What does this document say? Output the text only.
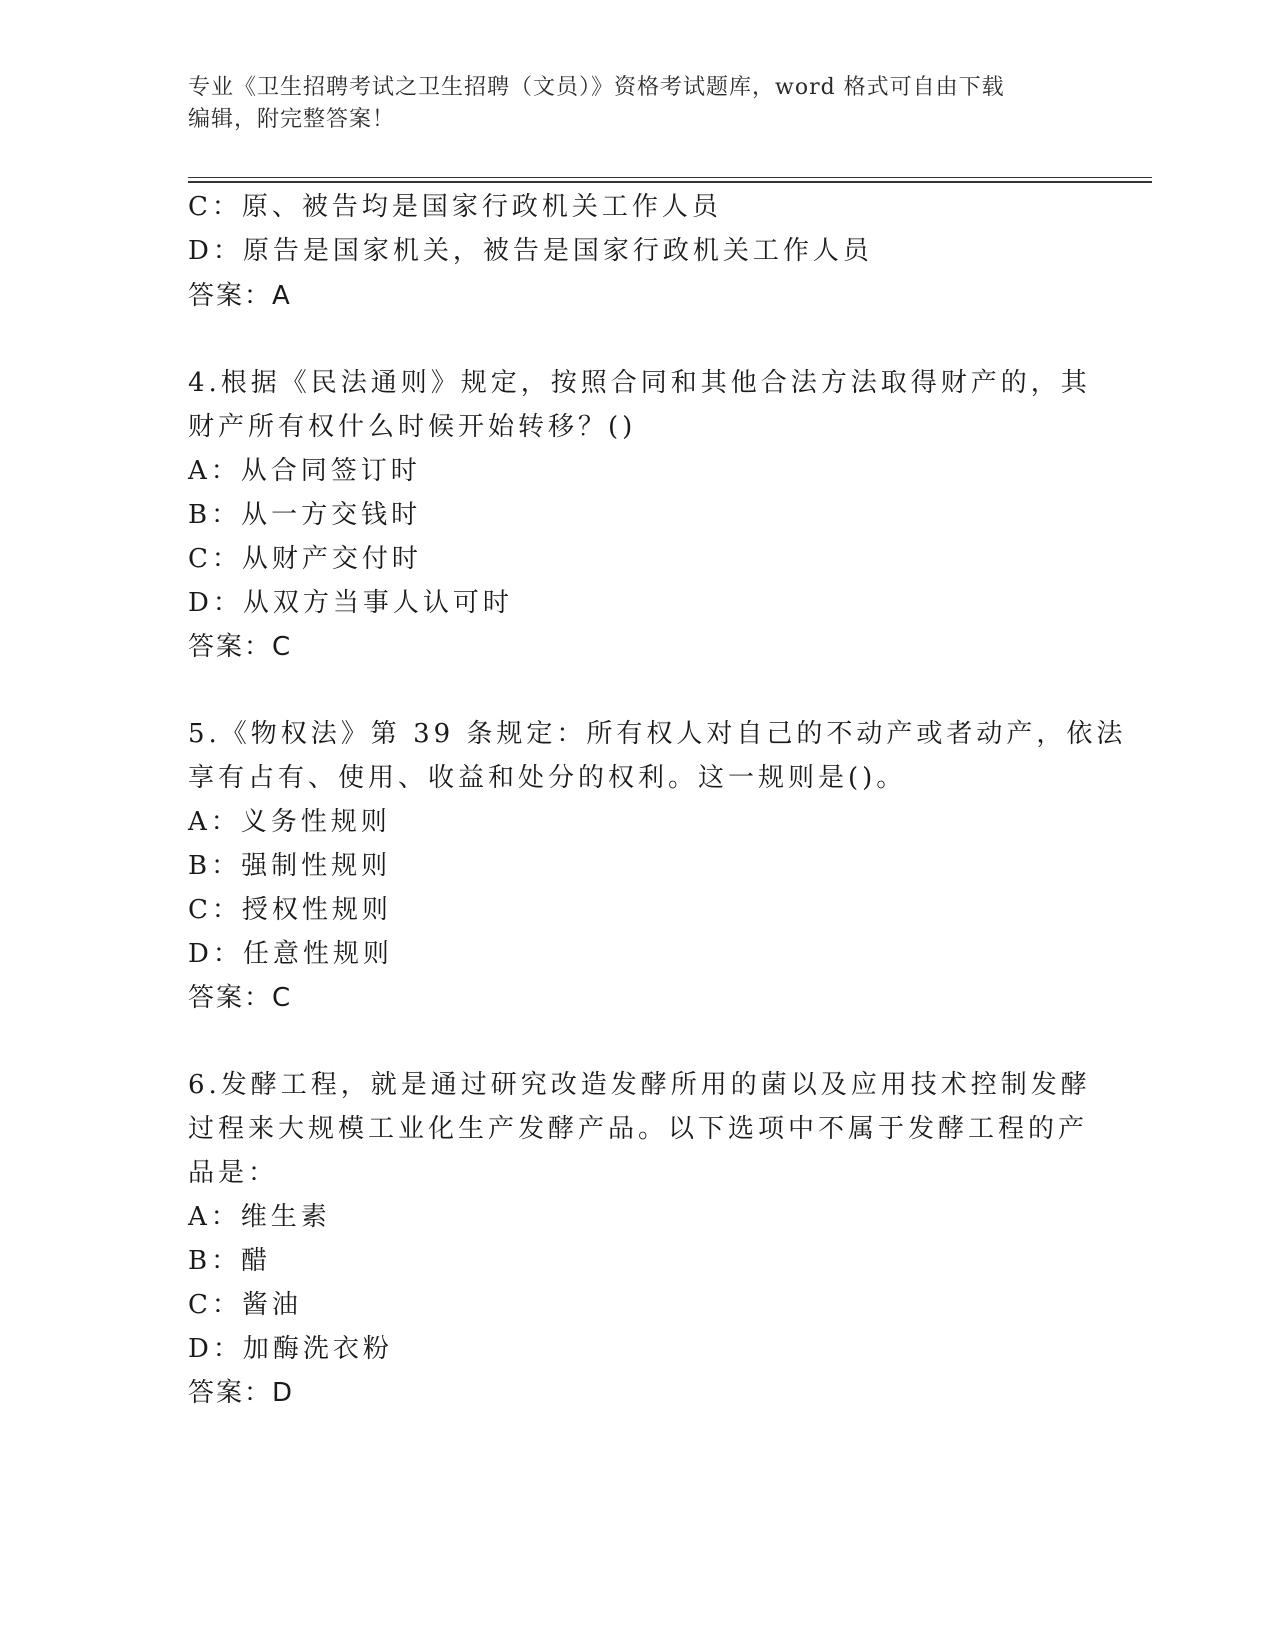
专业《卫生招聘考试之卫生招聘（文员）》资格考试题库，word 格式可自由下载
编辑，附完整答案！
C：原、被告均是国家行政机关工作人员
D：原告是国家机关，被告是国家行政机关工作人员
答案：A
4.根据《民法通则》规定，按照合同和其他合法方法取得财产的，其
财产所有权什么时候开始转移？()
A：从合同签订时
B：从一方交钱时
C：从财产交付时
D：从双方当事人认可时
答案：C
5.《物权法》第 39 条规定：所有权人对自己的不动产或者动产，依法
享有占有、使用、收益和处分的权利。这一规则是()。
A：义务性规则
B：强制性规则
C：授权性规则
D：任意性规则
答案：C
6.发酵工程，就是通过研究改造发酵所用的菌以及应用技术控制发酵
过程来大规模工业化生产发酵产品。以下选项中不属于发酵工程的产
品是：
A：维生素
B：醋
C：酱油
D：加酶洗衣粉
答案：D
